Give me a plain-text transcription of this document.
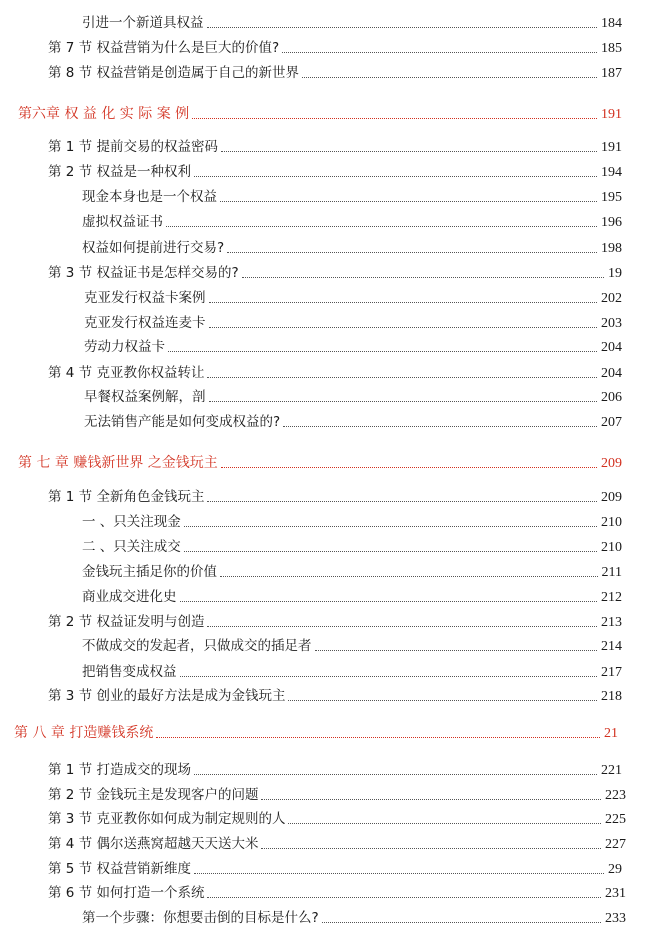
引进一个新道具权益	184
第 7 节 权益营销为什么是巨大的价值?	185
第 8 节 权益营销是创造属于自己的新世界	187
第六章 权 益 化 实 际 案 例	191
第 1 节 提前交易的权益密码	191
第 2 节 权益是一种权利	194
现金本身也是一个权益	195
虚拟权益证书	196
权益如何提前进行交易?	198
第 3 节 权益证书是怎样交易的?	19
克亚发行权益卡案例	202
克亚发行权益连麦卡	203
劳动力权益卡	204
第 4 节 克亚教你权益转让	204
早餐权益案例解，剖	206
无法销售产能是如何变成权益的?	207
第 七 章 赚钱新世界 之金钱玩主	209
第 1 节 全新角色金钱玩主	209
一 、只关注现金	210
二 、只关注成交	210
金钱玩主插足你的价值	211
商业成交进化史	212
第 2 节 权益证发明与创造	213
不做成交的发起者，只做成交的插足者	214
把销售变成权益	217
第 3 节 创业的最好方法是成为金钱玩主	218
第 八 章 打造赚钱系统	21
第 1 节 打造成交的现场	221
第 2 节 金钱玩主是发现客户的问题	223
第 3 节 克亚教你如何成为制定规则的人	225
第 4 节 偶尔送燕窝超越天天送大米	227
第 5 节 权益营销新维度	29
第 6 节 如何打造一个系统	231
第一个步骤：你想要击倒的目标是什么?	233
